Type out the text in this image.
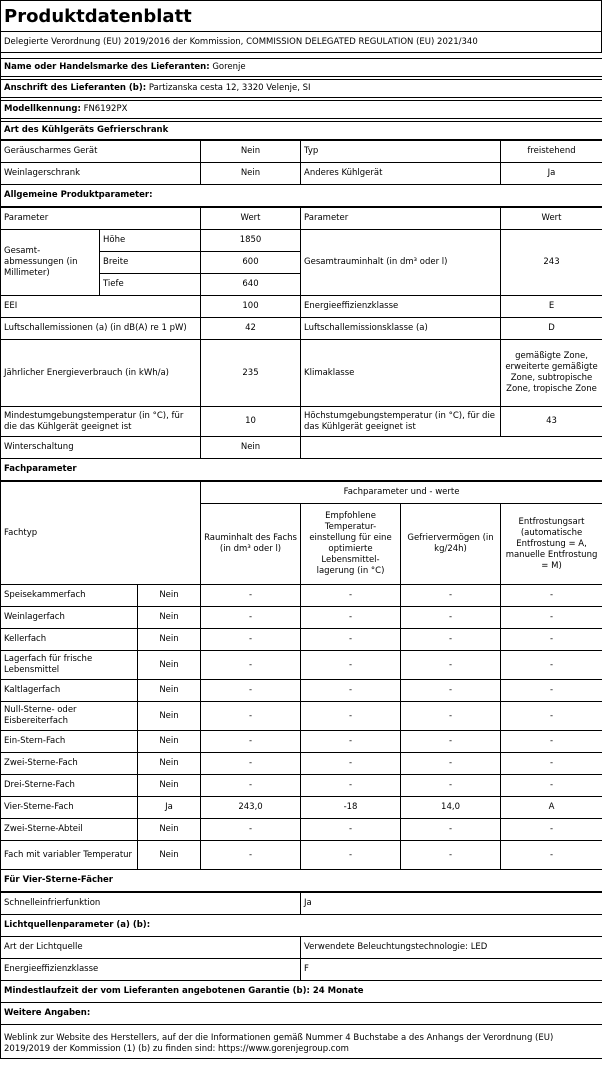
Produktdatenblatt
Delegierte Verordnung (EU) 2019/2016 der Kommission, COMMISSION DELEGATED REGULATION (EU) 2021/340

Name oder Handelsmarke des Lieferanten: Gorenje

Anschrift des Lieferanten (b): Partizanska cesta 12, 3320 Velenje, SI

Modellkennung: FN6192PX

Art des Kühlgeräts Gefrierschrank
Geräuscharmes Gerät	Nein	Typ	freistehend
Weinlagerschrank	Nein	Anderes Kühlgerät	Ja
Allgemeine Produktparameter:			
Parameter		Wert	Parameter	Wert
Gesamt-abmessungen (in Millimeter)	Höhe	1850	Gesamtrauminhalt (in dm³ oder l)	243
	Breite	600		
	Tiefe	640		
EEI		100	Energieeffizienzklasse	E
Luftschallemissionen (a) (in dB(A) re 1 pW)		42	Luftschallemissionsklasse (a)	D
Jährlicher Energieverbrauch (in kWh/a)		235	Klimaklasse	gemäßigte Zone, erweiterte gemäßigte Zone, subtropische Zone, tropische Zone
Mindestumgebungstemperatur (in °C), für die das Kühlgerät geeignet ist		10	Höchstumgebungstemperatur (in °C), für die das Kühlgerät geeignet ist	43
Winterschaltung		Nein		
Fachparameter				
Fachtyp		Fachparameter und - werte			
		Rauminhalt des Fachs (in dm³ oder l)	Empfohlene Temperatur-einstellung für eine optimierte Lebensmittel-lagerung (in °C)	Gefriervermögen (in kg/24h)	Entfrostungsart (automatische Entfrostung = A, manuelle Entfrostung = M)
Speisekammerfach	Nein	-	-	-	-
Weinlagerfach	Nein	-	-	-	-
Kellerfach	Nein	-	-	-	-
Lagerfach für frische Lebensmittel	Nein	-	-	-	-
Kaltlagerfach	Nein	-	-	-	-
Null-Sterne- oder Eisbereiterfach	Nein	-	-	-	-
Ein-Stern-Fach	Nein	-	-	-	-
Zwei-Sterne-Fach	Nein	-	-	-	-
Drei-Sterne-Fach	Nein	-	-	-	-
Vier-Sterne-Fach	Ja	243,0	-18	14,0	A
Zwei-Sterne-Abteil	Nein	-	-	-	-
Fach mit variabler Temperatur	Nein	-	-	-	-
Für Vier-Sterne-Fächer					
Schnelleinfrierfunktion	Ja
Lichtquellenparameter (a) (b):	
Art der Lichtquelle	Verwendete Beleuchtungstechnologie: LED
Energieeffizienzklasse	F
Mindestlaufzeit der vom Lieferanten angebotenen Garantie (b): 24 Monate	
Weitere Angaben:	

Weblink zur Website des Herstellers, auf der die Informationen gemäß Nummer 4 Buchstabe a des Anhangs der Verordnung (EU) 2019/2019 der Kommission (1) (b) zu finden sind: https://www.gorenjegroup.com	
